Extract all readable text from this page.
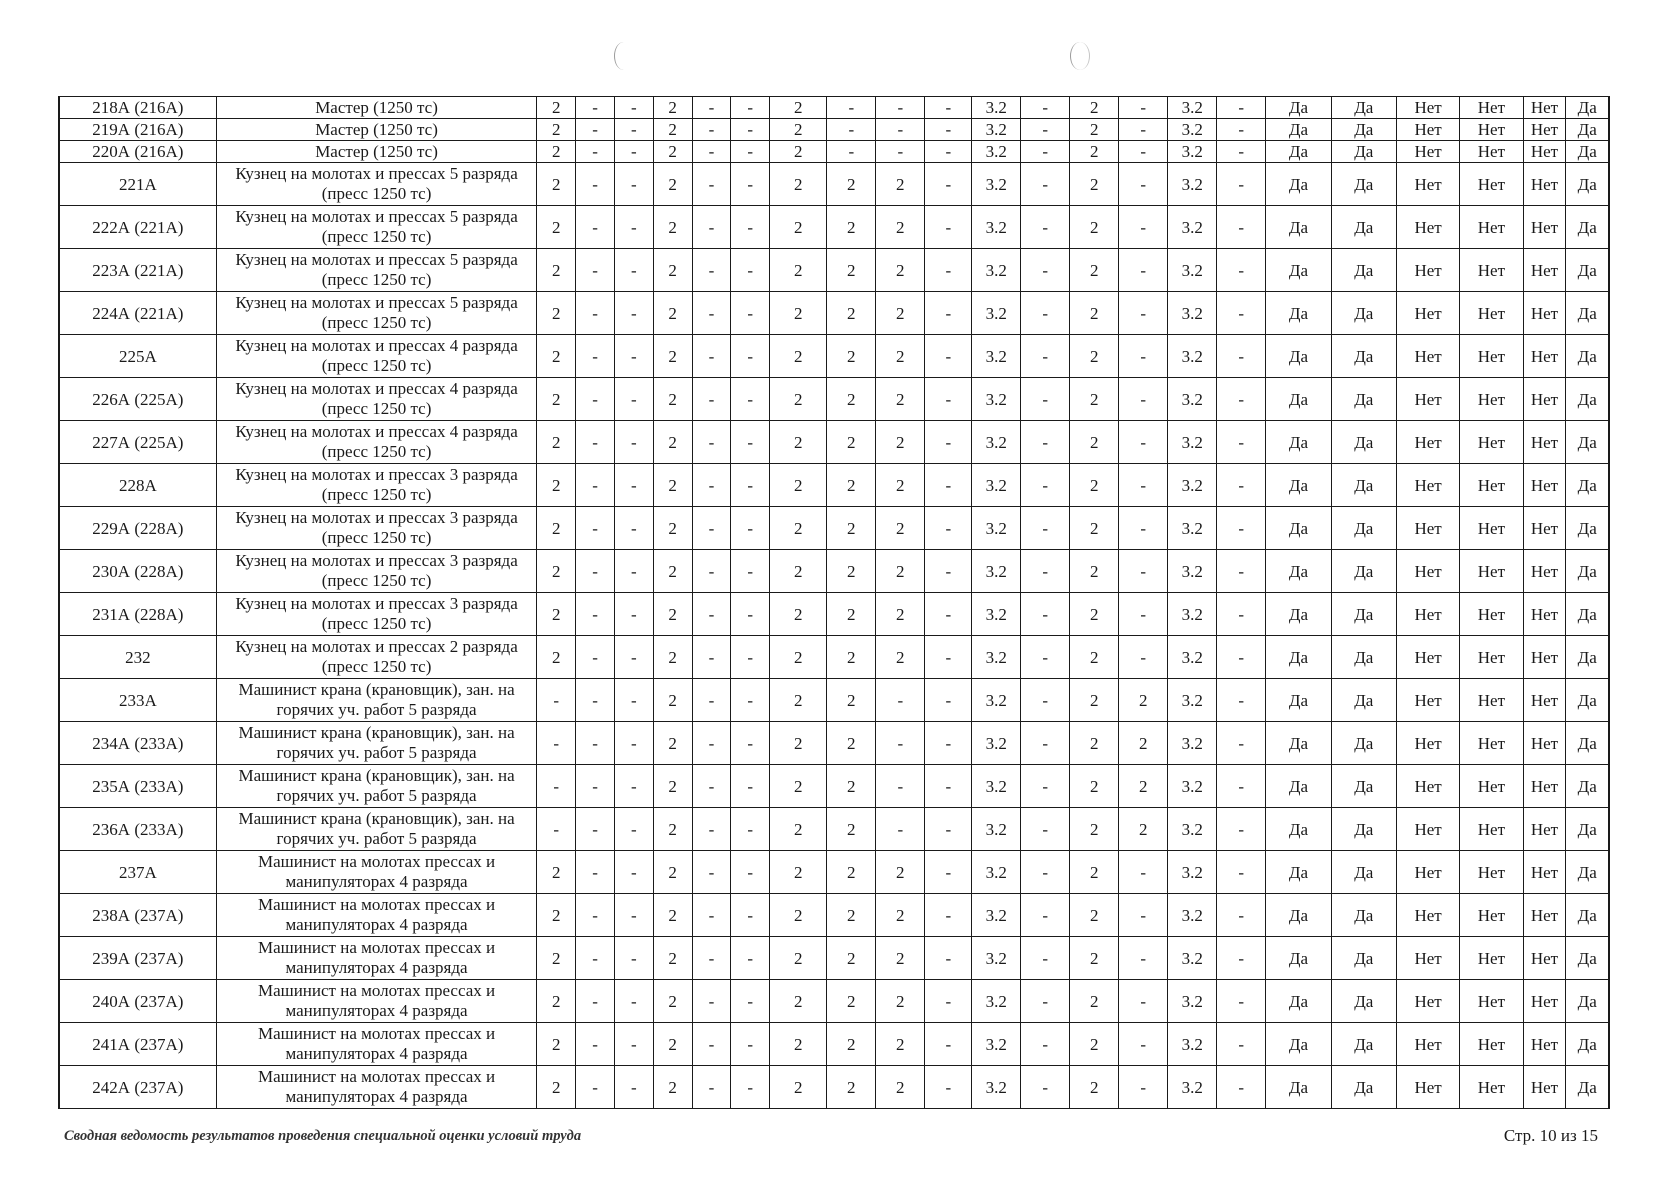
218А (216А)	Мастер (1250 тс)	2	-	-	2	-	-	2	-	-	-	3.2	-	2	-	3.2	-	Да	Да	Нет	Нет	Нет	Да
219А (216А)	Мастер (1250 тс)	2	-	-	2	-	-	2	-	-	-	3.2	-	2	-	3.2	-	Да	Да	Нет	Нет	Нет	Да
220А (216А)	Мастер (1250 тс)	2	-	-	2	-	-	2	-	-	-	3.2	-	2	-	3.2	-	Да	Да	Нет	Нет	Нет	Да
221А	Кузнец на молотах и прессах 5 разряда (пресс 1250 тс)	2	-	-	2	-	-	2	2	2	-	3.2	-	2	-	3.2	-	Да	Да	Нет	Нет	Нет	Да
222А (221А)	Кузнец на молотах и прессах 5 разряда (пресс 1250 тс)	2	-	-	2	-	-	2	2	2	-	3.2	-	2	-	3.2	-	Да	Да	Нет	Нет	Нет	Да
223А (221А)	Кузнец на молотах и прессах 5 разряда (пресс 1250 тс)	2	-	-	2	-	-	2	2	2	-	3.2	-	2	-	3.2	-	Да	Да	Нет	Нет	Нет	Да
224А (221А)	Кузнец на молотах и прессах 5 разряда (пресс 1250 тс)	2	-	-	2	-	-	2	2	2	-	3.2	-	2	-	3.2	-	Да	Да	Нет	Нет	Нет	Да
225А	Кузнец на молотах и прессах 4 разряда (пресс 1250 тс)	2	-	-	2	-	-	2	2	2	-	3.2	-	2	-	3.2	-	Да	Да	Нет	Нет	Нет	Да
226А (225А)	Кузнец на молотах и прессах 4 разряда (пресс 1250 тс)	2	-	-	2	-	-	2	2	2	-	3.2	-	2	-	3.2	-	Да	Да	Нет	Нет	Нет	Да
227А (225А)	Кузнец на молотах и прессах 4 разряда (пресс 1250 тс)	2	-	-	2	-	-	2	2	2	-	3.2	-	2	-	3.2	-	Да	Да	Нет	Нет	Нет	Да
228А	Кузнец на молотах и прессах 3 разряда (пресс 1250 тс)	2	-	-	2	-	-	2	2	2	-	3.2	-	2	-	3.2	-	Да	Да	Нет	Нет	Нет	Да
229А (228А)	Кузнец на молотах и прессах 3 разряда (пресс 1250 тс)	2	-	-	2	-	-	2	2	2	-	3.2	-	2	-	3.2	-	Да	Да	Нет	Нет	Нет	Да
230А (228А)	Кузнец на молотах и прессах 3 разряда (пресс 1250 тс)	2	-	-	2	-	-	2	2	2	-	3.2	-	2	-	3.2	-	Да	Да	Нет	Нет	Нет	Да
231А (228А)	Кузнец на молотах и прессах 3 разряда (пресс 1250 тс)	2	-	-	2	-	-	2	2	2	-	3.2	-	2	-	3.2	-	Да	Да	Нет	Нет	Нет	Да
232	Кузнец на молотах и прессах 2 разряда (пресс 1250 тс)	2	-	-	2	-	-	2	2	2	-	3.2	-	2	-	3.2	-	Да	Да	Нет	Нет	Нет	Да
233А	Машинист крана (крановщик), зан. на горячих уч. работ 5 разряда	-	-	-	2	-	-	2	2	-	-	3.2	-	2	2	3.2	-	Да	Да	Нет	Нет	Нет	Да
234А (233А)	Машинист крана (крановщик), зан. на горячих уч. работ 5 разряда	-	-	-	2	-	-	2	2	-	-	3.2	-	2	2	3.2	-	Да	Да	Нет	Нет	Нет	Да
235А (233А)	Машинист крана (крановщик), зан. на горячих уч. работ 5 разряда	-	-	-	2	-	-	2	2	-	-	3.2	-	2	2	3.2	-	Да	Да	Нет	Нет	Нет	Да
236А (233А)	Машинист крана (крановщик), зан. на горячих уч. работ 5 разряда	-	-	-	2	-	-	2	2	-	-	3.2	-	2	2	3.2	-	Да	Да	Нет	Нет	Нет	Да
237А	Машинист на молотах прессах и манипуляторах 4 разряда	2	-	-	2	-	-	2	2	2	-	3.2	-	2	-	3.2	-	Да	Да	Нет	Нет	Нет	Да
238А (237А)	Машинист на молотах прессах и манипуляторах 4 разряда	2	-	-	2	-	-	2	2	2	-	3.2	-	2	-	3.2	-	Да	Да	Нет	Нет	Нет	Да
239А (237А)	Машинист на молотах прессах и манипуляторах 4 разряда	2	-	-	2	-	-	2	2	2	-	3.2	-	2	-	3.2	-	Да	Да	Нет	Нет	Нет	Да
240А (237А)	Машинист на молотах прессах и манипуляторах 4 разряда	2	-	-	2	-	-	2	2	2	-	3.2	-	2	-	3.2	-	Да	Да	Нет	Нет	Нет	Да
241А (237А)	Машинист на молотах прессах и манипуляторах 4 разряда	2	-	-	2	-	-	2	2	2	-	3.2	-	2	-	3.2	-	Да	Да	Нет	Нет	Нет	Да
242А (237А)	Машинист на молотах прессах и манипуляторах 4 разряда	2	-	-	2	-	-	2	2	2	-	3.2	-	2	-	3.2	-	Да	Да	Нет	Нет	Нет	Да
Сводная ведомость результатов проведения специальной оценки условий труда	Стр. 10 из 15
